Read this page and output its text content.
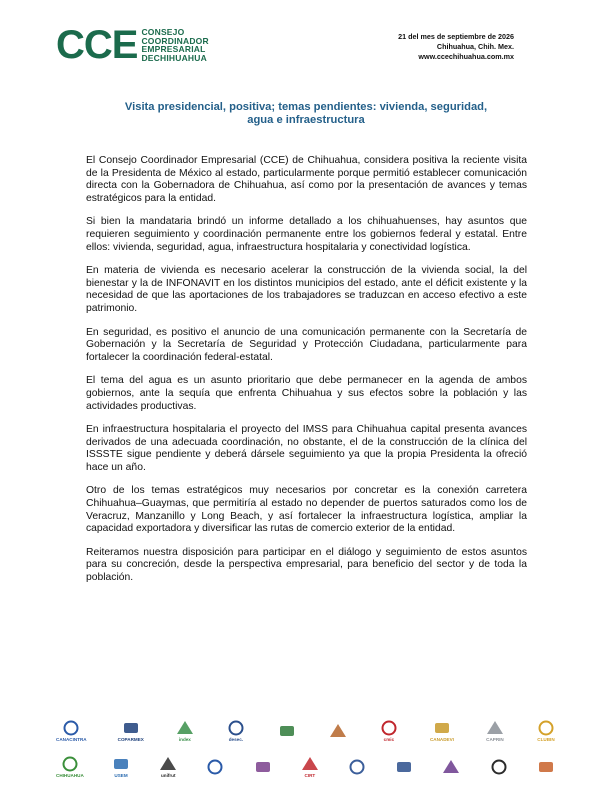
CCE CONSEJO
COORDINADOR
EMPRESARIAL
DECHIHUAHUA
21 del mes de septiembre de 2026
Chihuahua, Chih. Mex.
www.ccechihuahua.com.mx
Visita presidencial, positiva; temas pendientes: vivienda, seguridad,
agua e infraestructura

El Consejo Coordinador Empresarial (CCE) de Chihuahua, considera positiva la reciente visita de la Presidenta de México al estado, particularmente porque permitió establecer comunicación directa con la Gobernadora de Chihuahua, así como por la presentación de avances y temas estratégicos para la entidad.

Si bien la mandataria brindó un informe detallado a los chihuahuenses, hay asuntos que requieren seguimiento y coordinación permanente entre los gobiernos federal y estatal. Entre ellos: vivienda, seguridad, agua, infraestructura hospitalaria y conectividad logística.

En materia de vivienda es necesario acelerar la construcción de la vivienda social, la del bienestar y la de INFONAVIT en los distintos municipios del estado, ante el déficit existente y la necesidad de que las aportaciones de los trabajadores se traduzcan en acceso efectivo a este patrimonio.

En seguridad, es positivo el anuncio de una comunicación permanente con la Secretaría de Gobernación y la Secretaría de Seguridad y Protección Ciudadana, particularmente para fortalecer la coordinación federal-estatal.

El tema del agua es un asunto prioritario que debe permanecer en la agenda de ambos gobiernos, ante la sequía que enfrenta Chihuahua y sus efectos sobre la población y las actividades productivas.

En infraestructura hospitalaria el proyecto del IMSS para Chihuahua capital presenta avances derivados de una adecuada coordinación, no obstante, el de la construcción de la clínica del ISSSTE sigue pendiente y deberá dársele seguimiento ya que la propia Presidenta la ofreció hace un año.

Otro de los temas estratégicos muy necesarios por concretar es la conexión carretera Chihuahua–Guaymas, que permitiría al estado no depender de puertos saturados como los de Veracruz, Manzanillo y Long Beach, y así fortalecer la infraestructura logística, ampliar la capacidad exportadora y diversificar las rutas de comercio exterior de la entidad.

Reiteramos nuestra disposición para participar en el diálogo y seguimiento de estos asuntos para su concreción, desde la perspectiva empresarial, para beneficio del sector y de toda la población.

CANACINTRA	COPARMEX	index	desec.	cmic	CANADEVI	CAPRIN	CLUBIN
CHIHUAHUA	USEM	unifrut	CIRT
